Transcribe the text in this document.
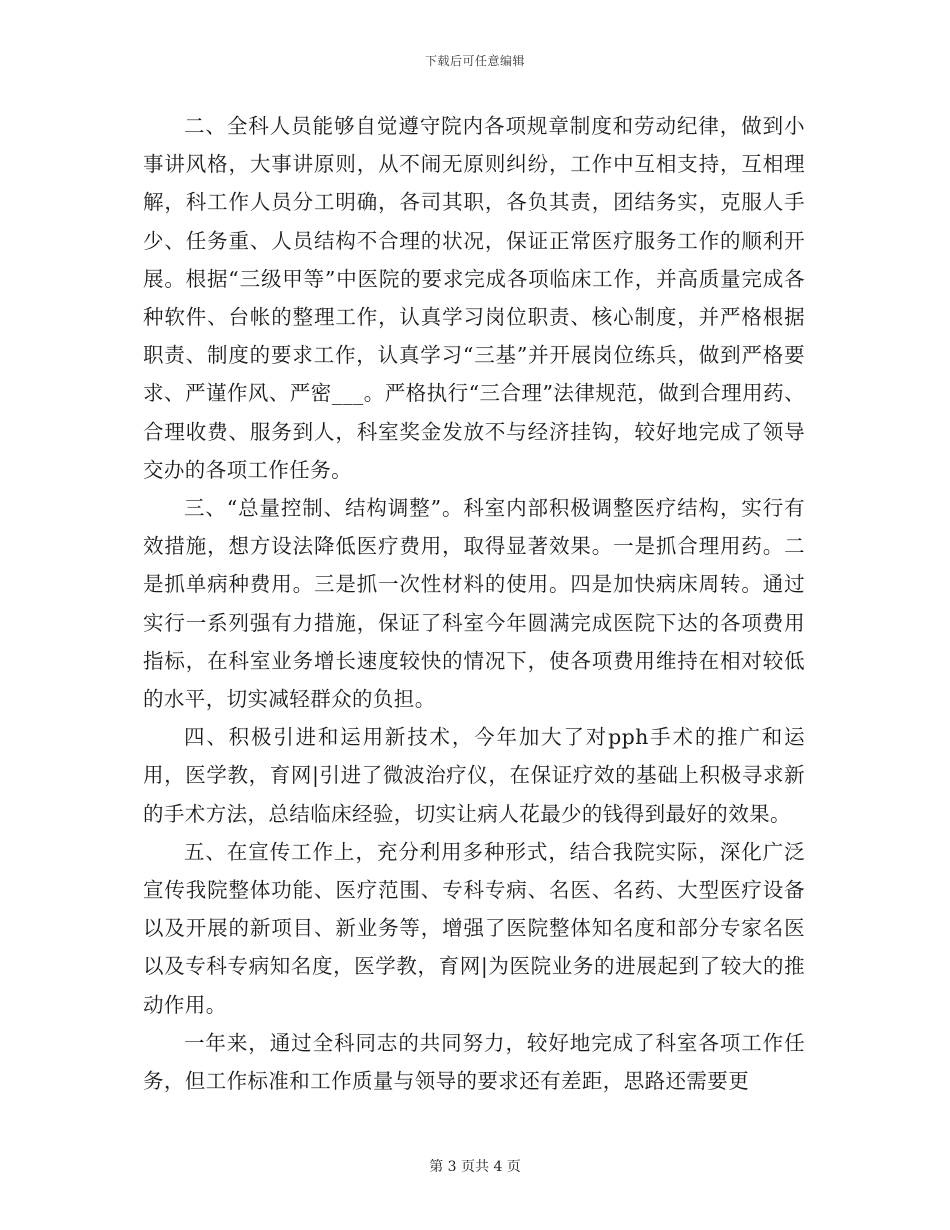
下载后可任意编辑

二、全科人员能够自觉遵守院内各项规章制度和劳动纪律，做到小事讲风格，大事讲原则，从不闹无原则纠纷，工作中互相支持，互相理解，科工作人员分工明确，各司其职，各负其责，团结务实，克服人手少、任务重、人员结构不合理的状况，保证正常医疗服务工作的顺利开展。根据“三级甲等”中医院的要求完成各项临床工作，并高质量完成各种软件、台帐的整理工作，认真学习岗位职责、核心制度，并严格根据职责、制度的要求工作，认真学习“三基”并开展岗位练兵，做到严格要求、严谨作风、严密___。严格执行“三合理”法律规范，做到合理用药、合理收费、服务到人，科室奖金发放不与经济挂钩，较好地完成了领导交办的各项工作任务。

三、“总量控制、结构调整”。科室内部积极调整医疗结构，实行有效措施，想方设法降低医疗费用，取得显著效果。一是抓合理用药。二是抓单病种费用。三是抓一次性材料的使用。四是加快病床周转。通过实行一系列强有力措施，保证了科室今年圆满完成医院下达的各项费用指标，在科室业务增长速度较快的情况下，使各项费用维持在相对较低的水平，切实减轻群众的负担。

四、积极引进和运用新技术，今年加大了对pph手术的推广和运用，医学教，育网|引进了微波治疗仪，在保证疗效的基础上积极寻求新的手术方法，总结临床经验，切实让病人花最少的钱得到最好的效果。

五、在宣传工作上，充分利用多种形式，结合我院实际，深化广泛宣传我院整体功能、医疗范围、专科专病、名医、名药、大型医疗设备以及开展的新项目、新业务等，增强了医院整体知名度和部分专家名医以及专科专病知名度，医学教，育网|为医院业务的进展起到了较大的推动作用。

一年来，通过全科同志的共同努力，较好地完成了科室各项工作任务，但工作标准和工作质量与领导的要求还有差距，思路还需要更

第 3 页共 4 页
